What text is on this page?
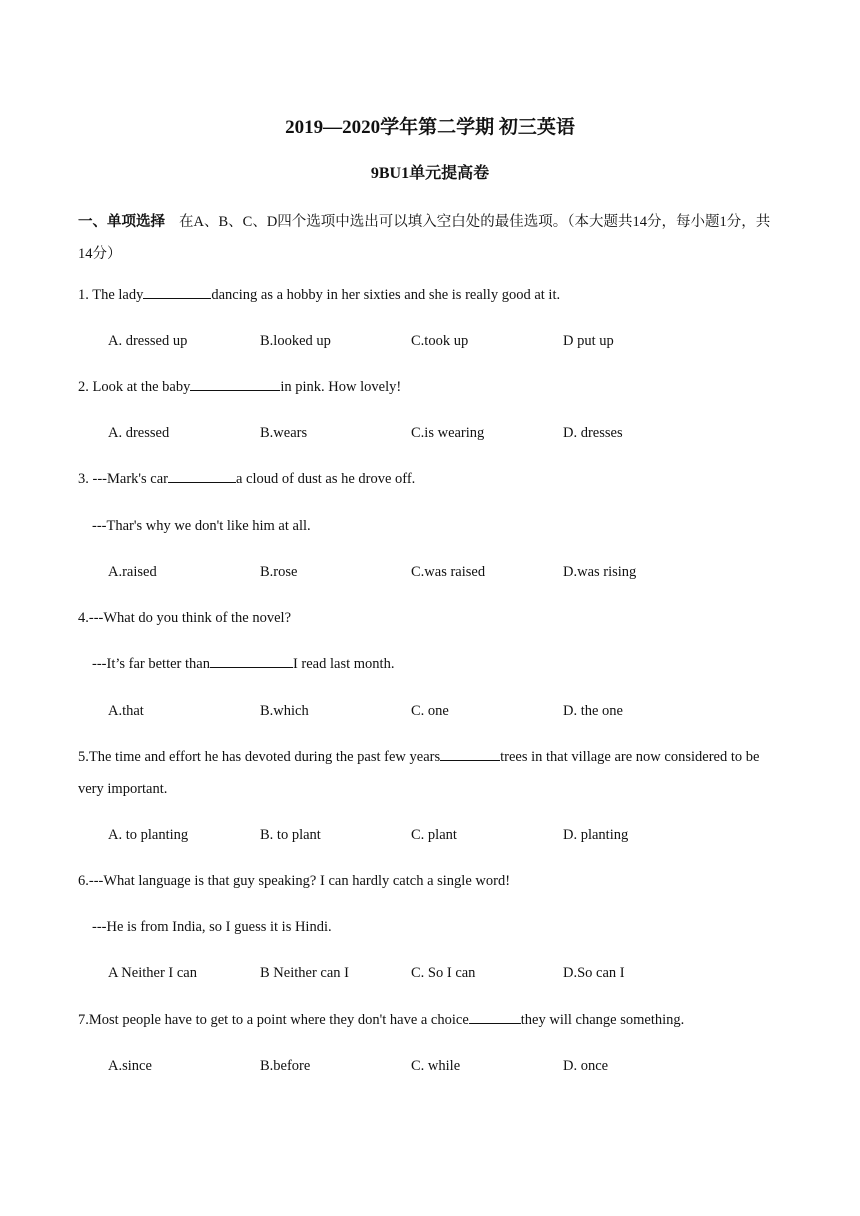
2019—2020学年第二学期 初三英语
9BU1单元提高卷
一、单项选择 在A、B、C、D四个选项中选出可以填入空白处的最佳选项。（本大题共14分，每小题1分，共14分）
1. The lady	dancing as a hobby in her sixties and she is really good at it.
A. dressed up	B.looked up	C.took up	D put up
2. Look at the baby	in pink. How lovely!
A. dressed	B.wears	C.is wearing	D. dresses
3. ---Mark's car	a cloud of dust as he drove off.
---Thar's why we don't like him at all.
A.raised	B.rose	C.was raised	D.was rising
4.---What do you think of the novel?
---It’s far better than	I read last month.
A.that	B.which	C. one	D. the one
5.The time and effort he has devoted during the past few years	trees in that village are now considered to be very important.
A. to planting	B. to plant	C. plant	D. planting
6.---What language is that guy speaking? I can hardly catch a single word!
---He is from India, so I guess it is Hindi.
A Neither I can	B Neither can I	C. So I can	D.So can I
7.Most people have to get to a point where they don't have a choice	they will change something.
A.since	B.before	C. while	D. once
